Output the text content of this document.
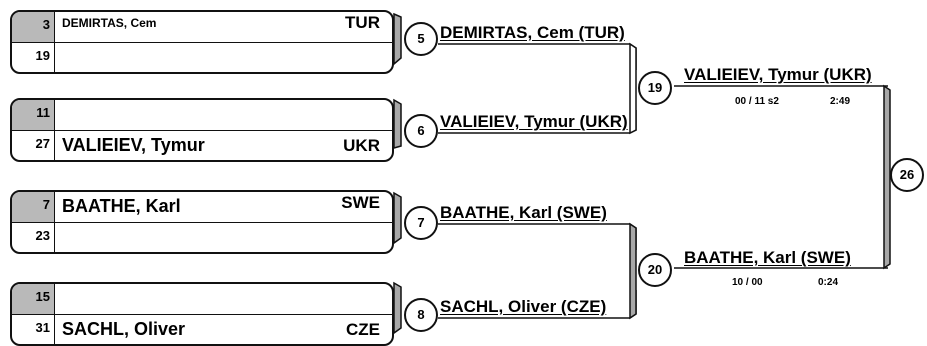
3	DEMIRTAS, Cem	TUR
19
11
27 VALIEIEV, Tymur	UKR
7 BAATHE, Karl	SWE
23
15
31 SACHL, Oliver	CZE
5 DEMIRTAS, Cem (TUR)
6 VALIEIEV, Tymur (UKR)
7
BAATHE, Karl (SWE)
8 SACHL, Oliver (CZE)
19
VALIEIEV, Tymur (UKR)
00 / 11 s2	2:49
20
BAATHE, Karl (SWE)
10 / 00	0:24
26
